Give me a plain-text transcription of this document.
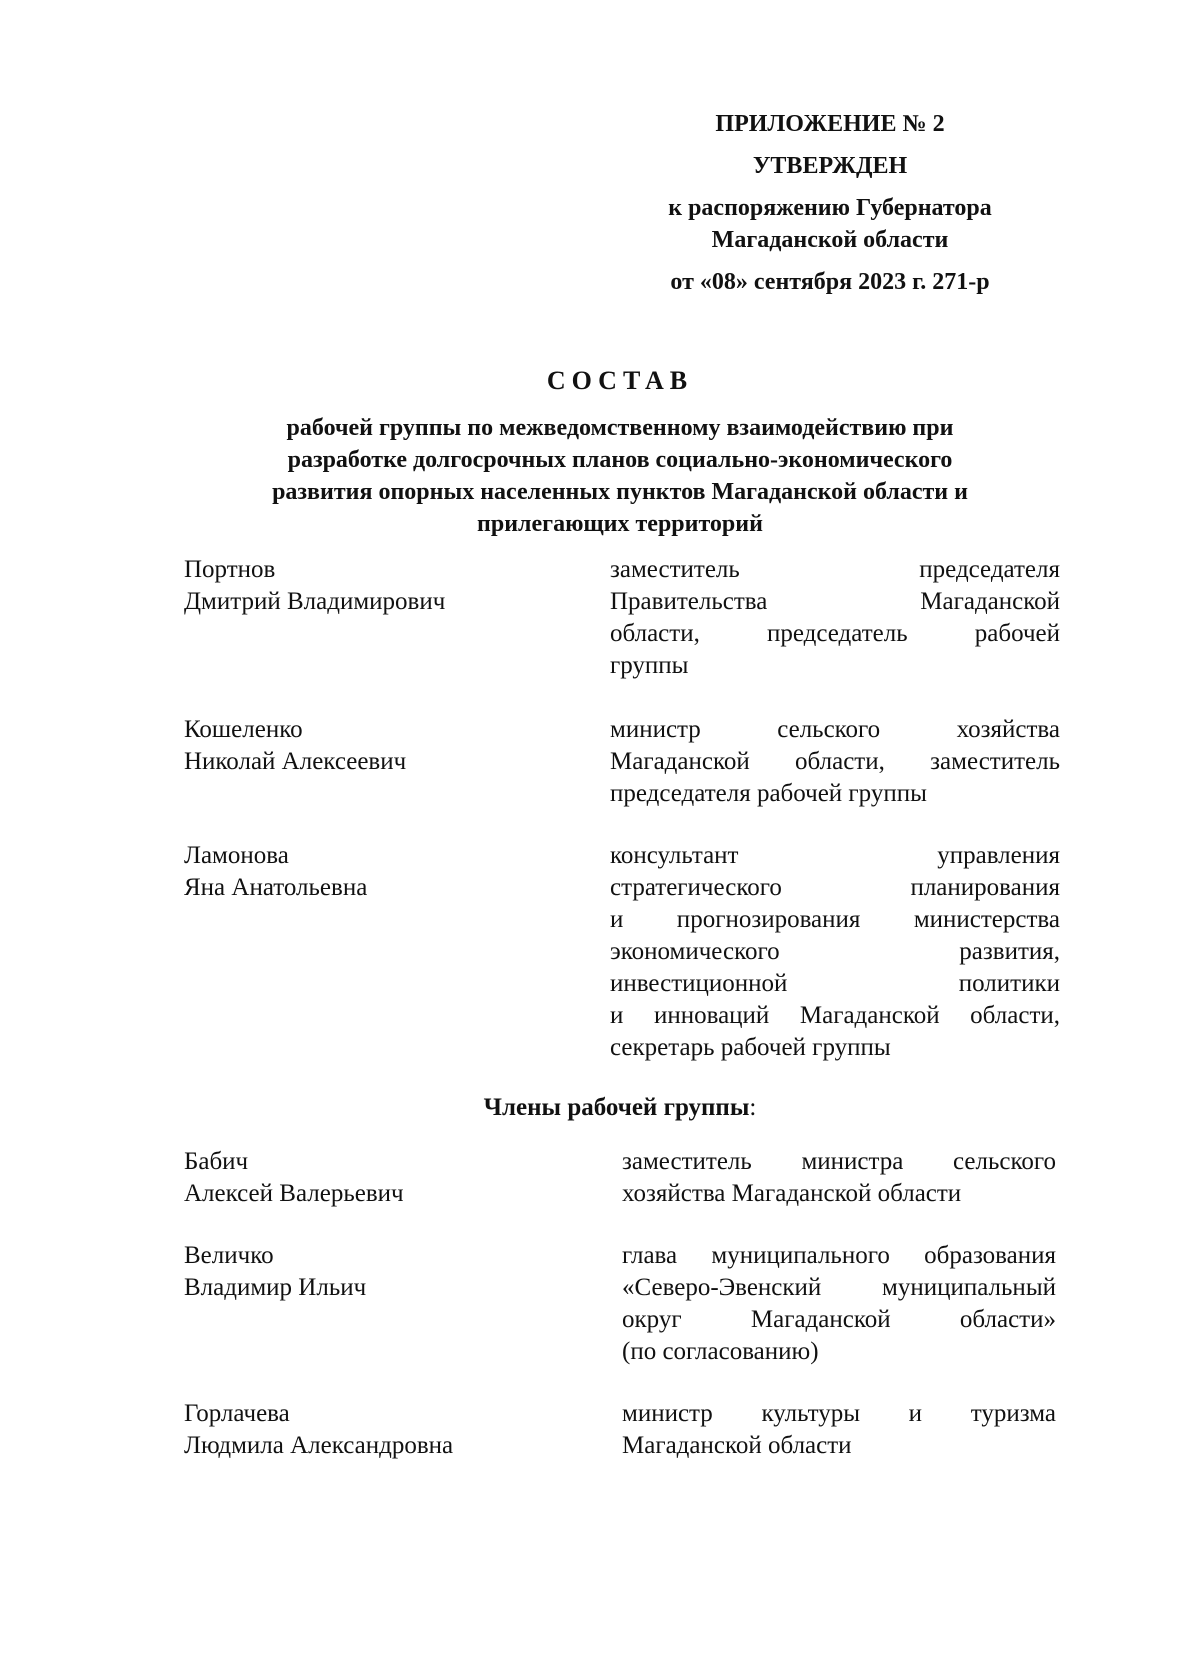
ПРИЛОЖЕНИЕ № 2
УТВЕРЖДЕН
к распоряжению Губернатора
Магаданской области
от «08» сентября 2023 г. 271-р
СОСТАВ
рабочей группы по межведомственному взаимодействию при
разработке долгосрочных планов социально-экономического
развития опорных населенных пунктов Магаданской области и
прилегающих территорий
Портнов
Дмитрий Владимирович
заместитель председателя
Правительства Магаданской
области, председатель рабочей
группы
Кошеленко
Николай Алексеевич
министр сельского хозяйства
Магаданской области, заместитель
председателя рабочей группы
Ламонова
Яна Анатольевна
консультант управления
стратегического планирования
и прогнозирования министерства
экономического развития,
инвестиционной политики
и инноваций Магаданской области,
секретарь рабочей группы
Члены рабочей группы:
Бабич
Алексей Валерьевич
заместитель министра сельского
хозяйства Магаданской области
Величко
Владимир Ильич
глава муниципального образования
«Северо-Эвенский муниципальный
округ Магаданской области»
(по согласованию)
Горлачева
Людмила Александровна
министр культуры и туризма
Магаданской области
